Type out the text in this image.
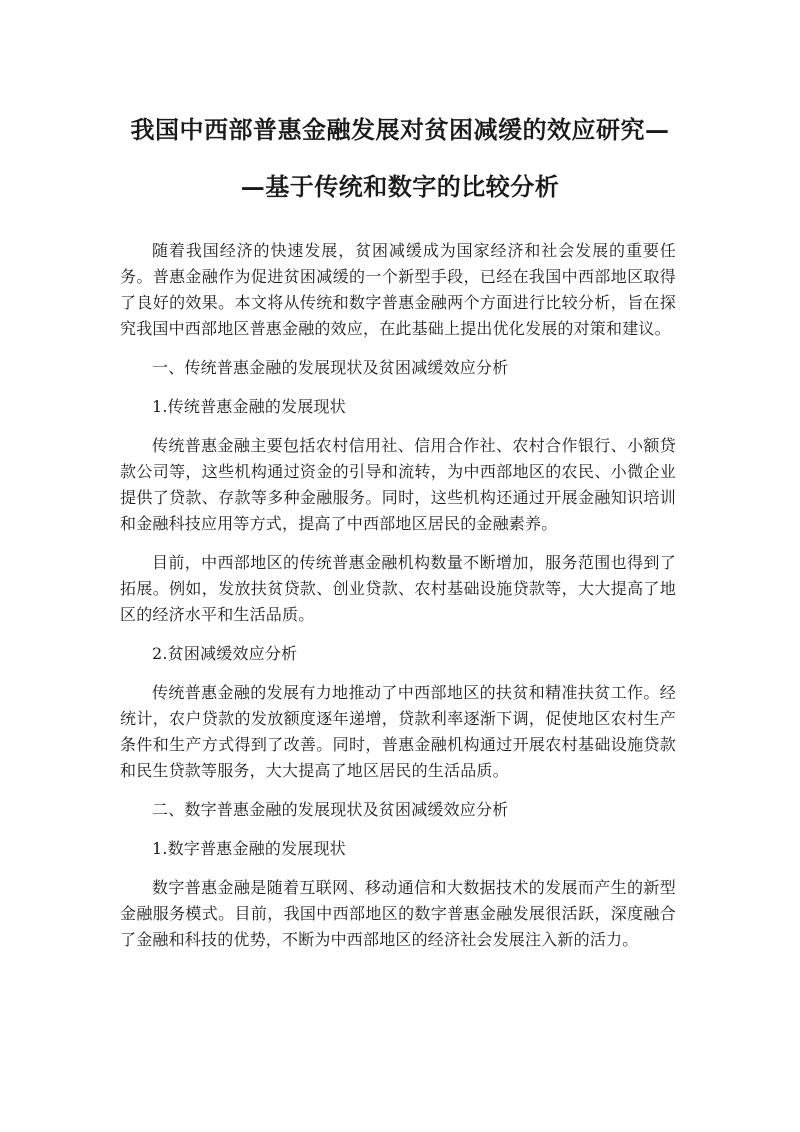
我国中西部普惠金融发展对贫困减缓的效应研究—
—基于传统和数字的比较分析

随着我国经济的快速发展，贫困减缓成为国家经济和社会发展的重要任务。普惠金融作为促进贫困减缓的一个新型手段，已经在我国中西部地区取得了良好的效果。本文将从传统和数字普惠金融两个方面进行比较分析，旨在探究我国中西部地区普惠金融的效应，在此基础上提出优化发展的对策和建议。

一、传统普惠金融的发展现状及贫困减缓效应分析

1.传统普惠金融的发展现状

传统普惠金融主要包括农村信用社、信用合作社、农村合作银行、小额贷款公司等，这些机构通过资金的引导和流转，为中西部地区的农民、小微企业提供了贷款、存款等多种金融服务。同时，这些机构还通过开展金融知识培训和金融科技应用等方式，提高了中西部地区居民的金融素养。

目前，中西部地区的传统普惠金融机构数量不断增加，服务范围也得到了拓展。例如，发放扶贫贷款、创业贷款、农村基础设施贷款等，大大提高了地区的经济水平和生活品质。

2.贫困减缓效应分析

传统普惠金融的发展有力地推动了中西部地区的扶贫和精准扶贫工作。经统计，农户贷款的发放额度逐年递增，贷款利率逐渐下调，促使地区农村生产条件和生产方式得到了改善。同时，普惠金融机构通过开展农村基础设施贷款和民生贷款等服务，大大提高了地区居民的生活品质。

二、数字普惠金融的发展现状及贫困减缓效应分析

1.数字普惠金融的发展现状

数字普惠金融是随着互联网、移动通信和大数据技术的发展而产生的新型金融服务模式。目前，我国中西部地区的数字普惠金融发展很活跃，深度融合了金融和科技的优势，不断为中西部地区的经济社会发展注入新的活力。
